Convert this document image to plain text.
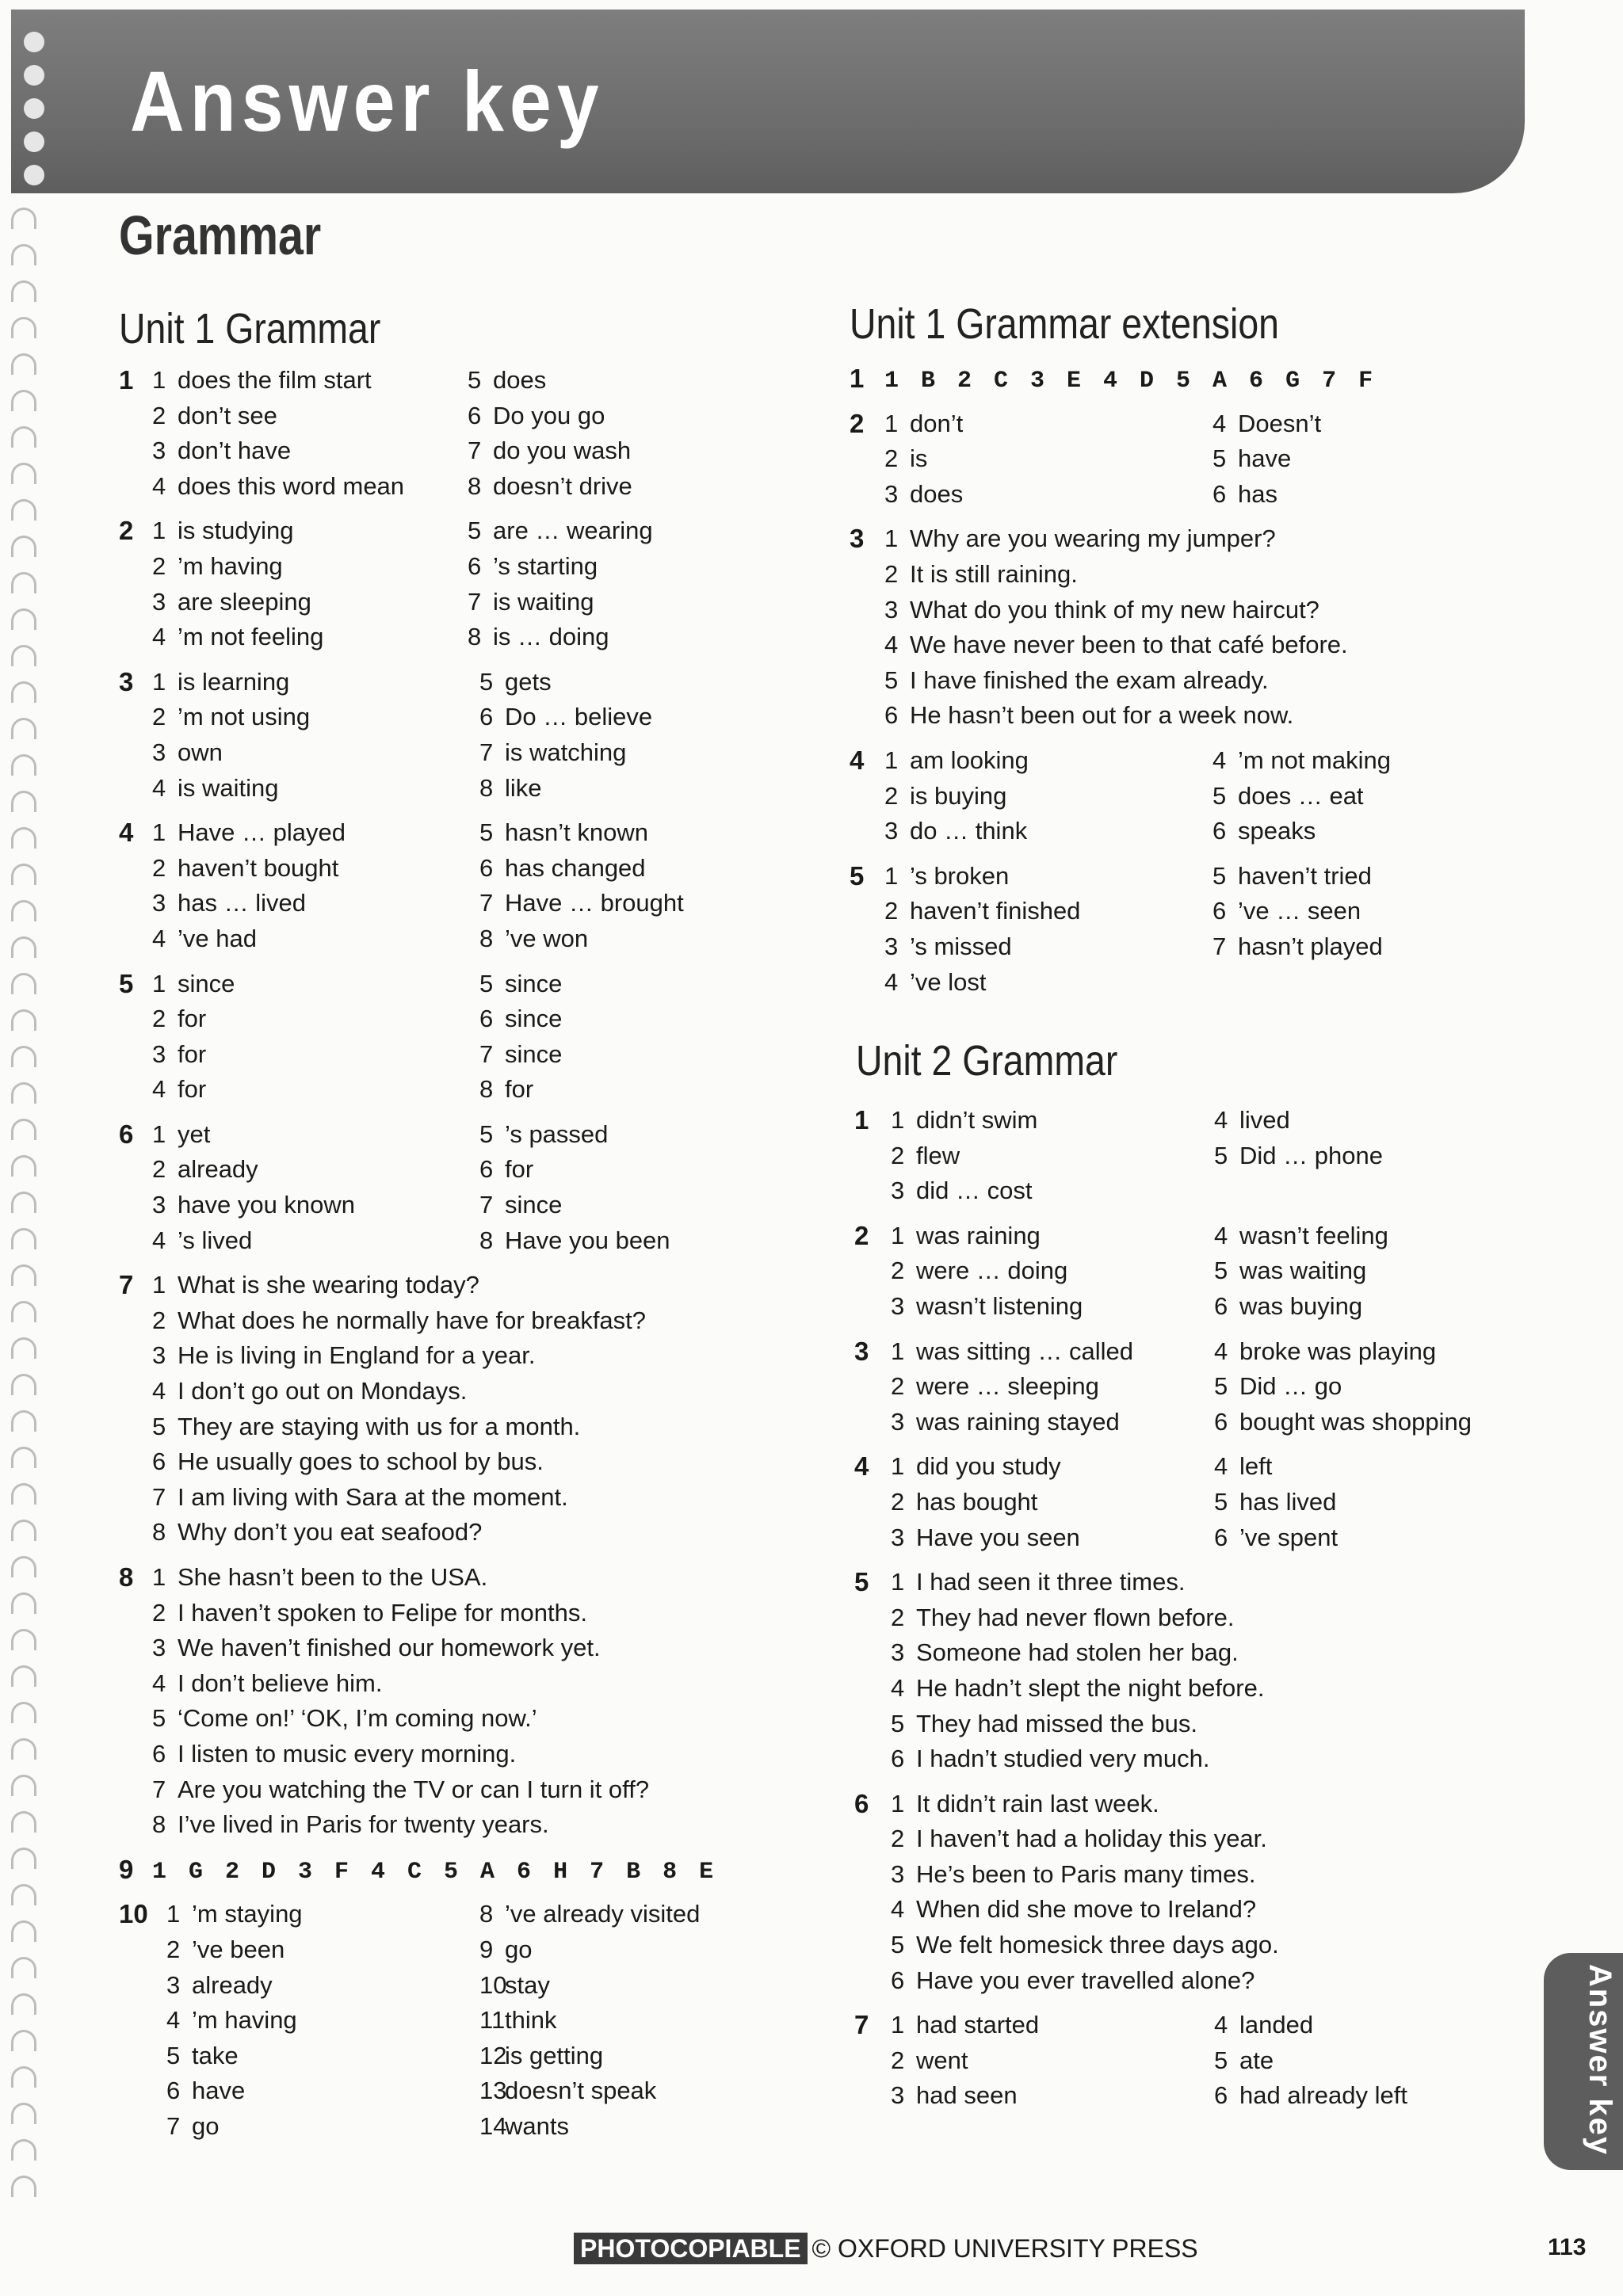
Answer key
Grammar
Unit 1 Grammar
1 1 does the film start	5 does
2 don’t see	6 Do you go
3 don’t have	7 do you wash
4 does this word mean	8 doesn’t drive
2 1 is studying	5 are … wearing
2 ’m having	6 ’s starting
3 are sleeping	7 is waiting
4 ’m not feeling	8 is … doing
3 1 is learning	5 gets
2 ’m not using	6 Do … believe
3 own	7 is watching
4 is waiting	8 like
4 1 Have … played	5 hasn’t known
2 haven’t bought	6 has changed
3 has … lived	7 Have … brought
4 ’ve had	8 ’ve won
5 1 since	5 since
2 for	6 since
3 for	7 since
4 for	8 for
6 1 yet	5 ’s passed
2 already	6 for
3 have you known	7 since
4 ’s lived	8 Have you been
7 1 What is she wearing today?
2 What does he normally have for breakfast?
3 He is living in England for a year.
4 I don’t go out on Mondays.
5 They are staying with us for a month.
6 He usually goes to school by bus.
7 I am living with Sara at the moment.
8 Why don’t you eat seafood?
8 1 She hasn’t been to the USA.
2 I haven’t spoken to Felipe for months.
3 We haven’t finished our homework yet.
4 I don’t believe him.
5 ‘Come on!’ ‘OK, I’m coming now.’
6 I listen to music every morning.
7 Are you watching the TV or can I turn it off?
8 I’ve lived in Paris for twenty years.
9 1 G 2 D 3 F 4 C 5 A 6 H 7 B 8 E
10 1 ’m staying	8 ’ve already visited
2 ’ve been	9 go
3 already	10stay
4 ’m having	11think
5 take	12is getting
6 have	13doesn’t speak
7 go	14wants
Unit 1 Grammar extension
1 1 B 2 C 3 E 4 D 5 A 6 G 7 F
2 1 don’t	4 Doesn’t
2 is	5 have
3 does	6 has
3 1 Why are you wearing my jumper?
2 It is still raining.
3 What do you think of my new haircut?
4 We have never been to that café before.
5 I have finished the exam already.
6 He hasn’t been out for a week now.
4 1 am looking	4 ’m not making
2 is buying	5 does … eat
3 do … think	6 speaks
5 1 ’s broken	5 haven’t tried
2 haven’t finished	6 ’ve … seen
3 ’s missed	7 hasn’t played
4 ’ve lost
Unit 2 Grammar
1 1 didn’t swim	4 lived
2 flew	5 Did … phone
3 did … cost
2 1 was raining	4 wasn’t feeling
2 were … doing	5 was waiting
3 wasn’t listening	6 was buying
3 1 was sitting … called	4 broke was playing
2 were … sleeping	5 Did … go
3 was raining stayed	6 bought was shopping
4 1 did you study	4 left
2 has bought	5 has lived
3 Have you seen	6 ’ve spent
5 1 I had seen it three times.
2 They had never flown before.
3 Someone had stolen her bag.
4 He hadn’t slept the night before.
5 They had missed the bus.
6 I hadn’t studied very much.
6 1 It didn’t rain last week.
2 I haven’t had a holiday this year.
3 He’s been to Paris many times.
4 When did she move to Ireland?
5 We felt homesick three days ago.
6 Have you ever travelled alone?
7 1 had started	4 landed
2 went	5 ate
3 had seen	6 had already left	Answer key
PHOTOCOPIABLE © OXFORD UNIVERSITY PRESS	113
